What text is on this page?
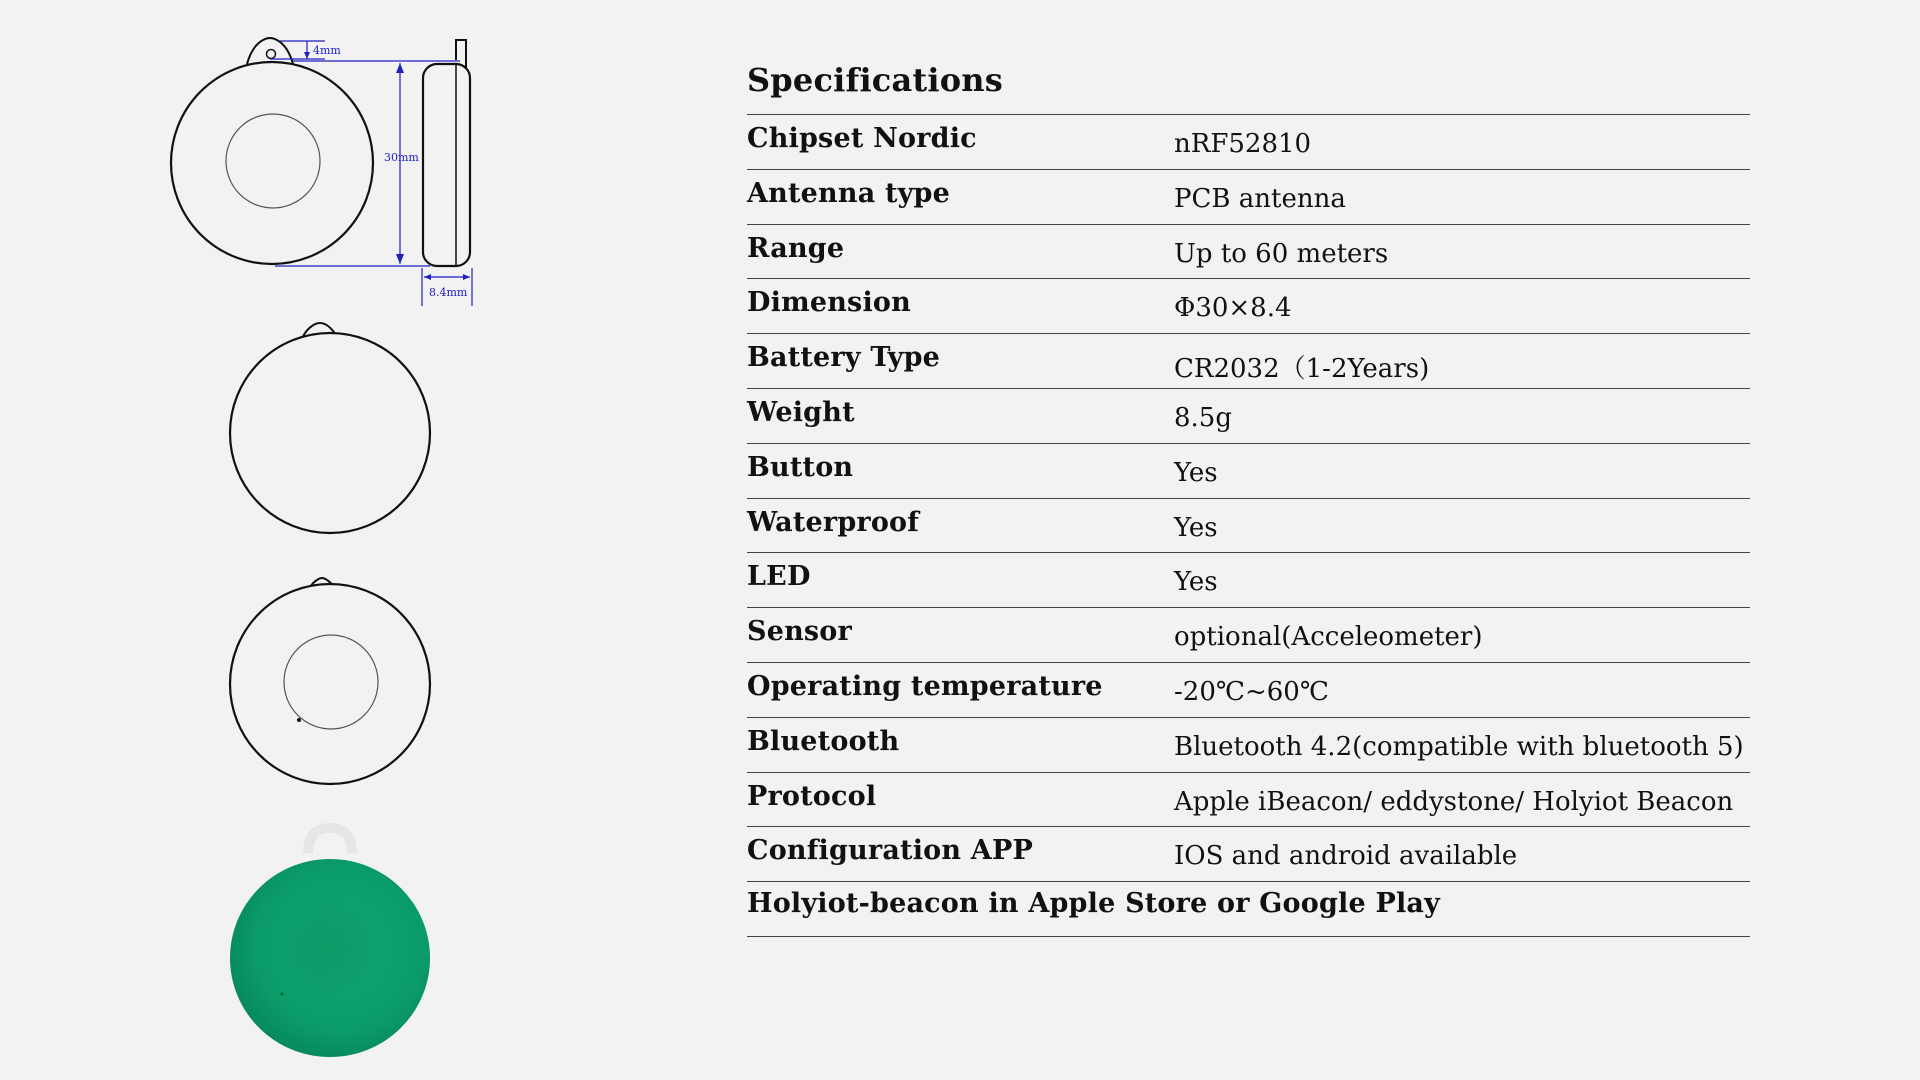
4mm
30mm
8.4mm
Specifications
Chipset Nordic	nRF52810
Antenna type	PCB antenna
Range	Up to 60 meters
Dimension	Φ30×8.4
Battery Type	CR2032（1-2Years)
Weight	8.5g
Button	Yes
Waterproof	Yes
LED	Yes
Sensor	optional(Acceleometer)
Operating temperature	-20℃~60℃
Bluetooth	Bluetooth 4.2(compatible with bluetooth 5)
Protocol	Apple iBeacon/ eddystone/ Holyiot Beacon
Configuration APP	IOS and android available
Holyiot-beacon in Apple Store or Google Play
